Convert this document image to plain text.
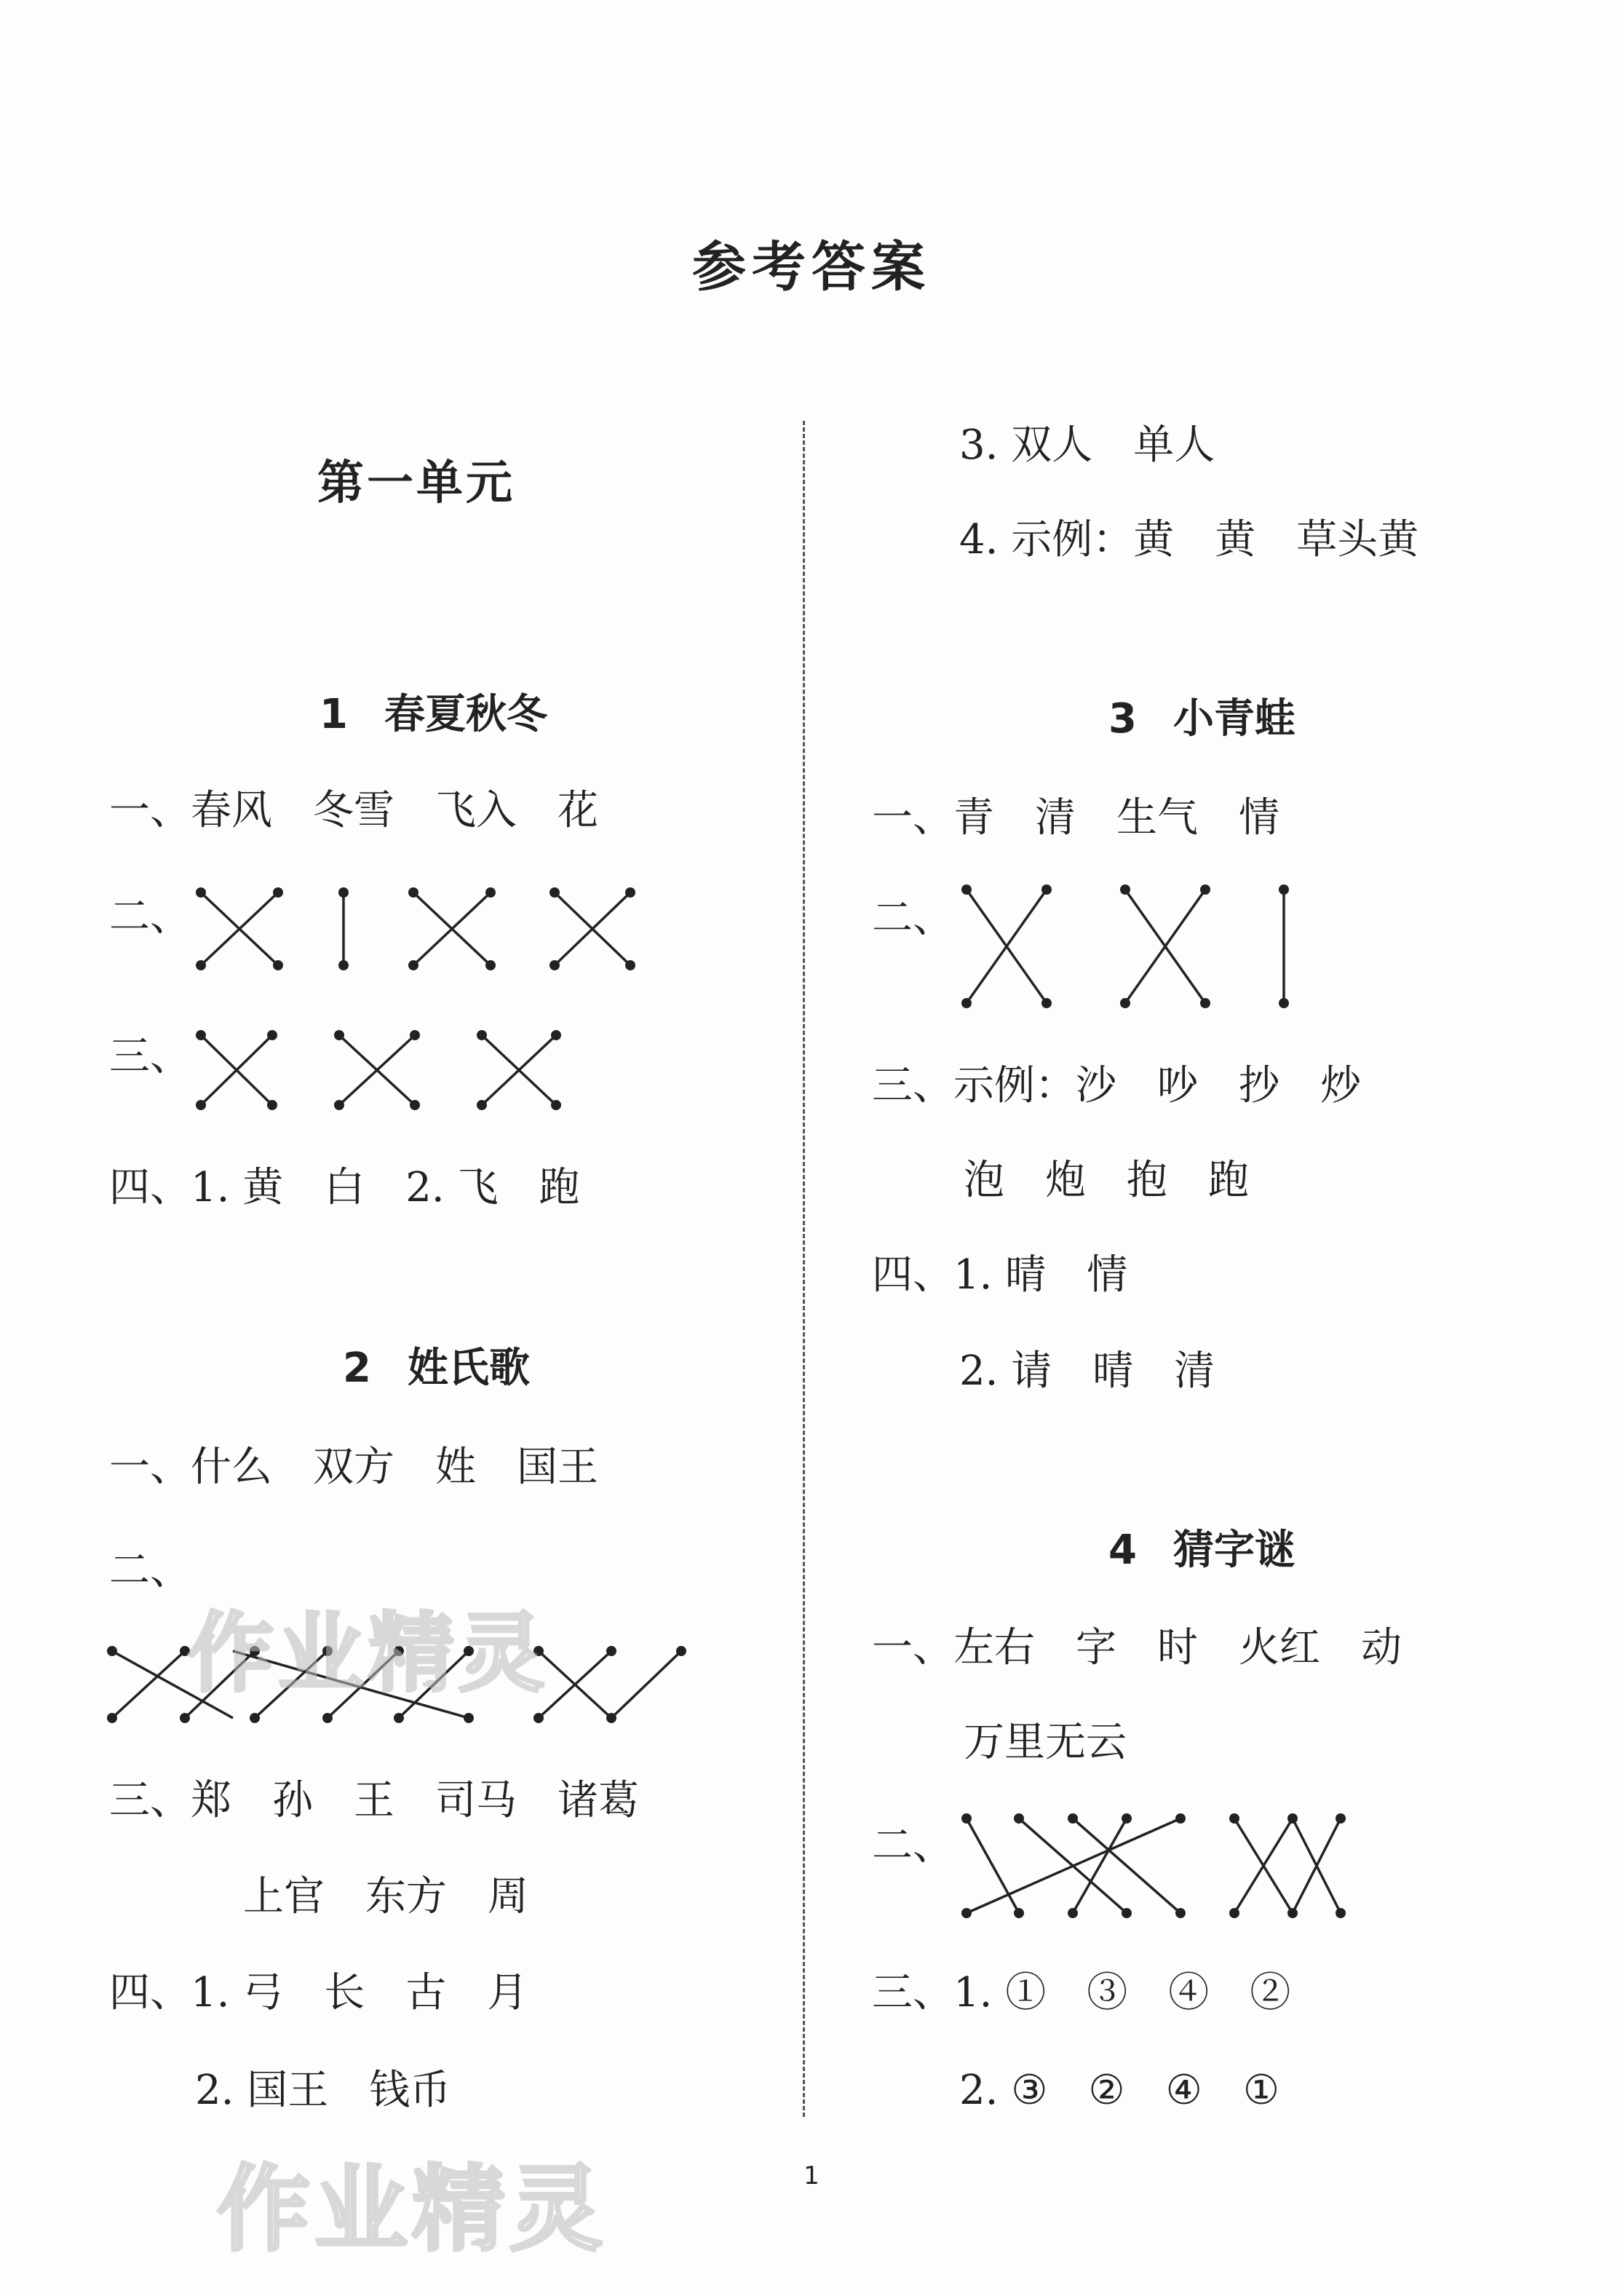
参考答案
第一单元

1 春夏秋冬

一、春风　冬雪　飞入　花
二、
三、
四、1. 黄　白　2. 飞　跑

2 姓氏歌

一、什么　双方　姓　国王
二、
三、郑　孙　王　司马　诸葛
上官　东方　周
四、1. 弓　长　古　月
2. 国王　钱币
3. 双人　单人
4. 示例：黄　黄　草头黄

3 小青蛙

一、青　清　生气　情
二、
三、示例：沙　吵　抄　炒
泡　炮　抱　跑
四、1. 晴　情
2. 请　晴　清

4 猜字谜

一、左右　字　时　火红　动
万里无云
二、
三、1. ①　③　④　②
2. ③　②　④　①
作业精灵
作业精灵	1
